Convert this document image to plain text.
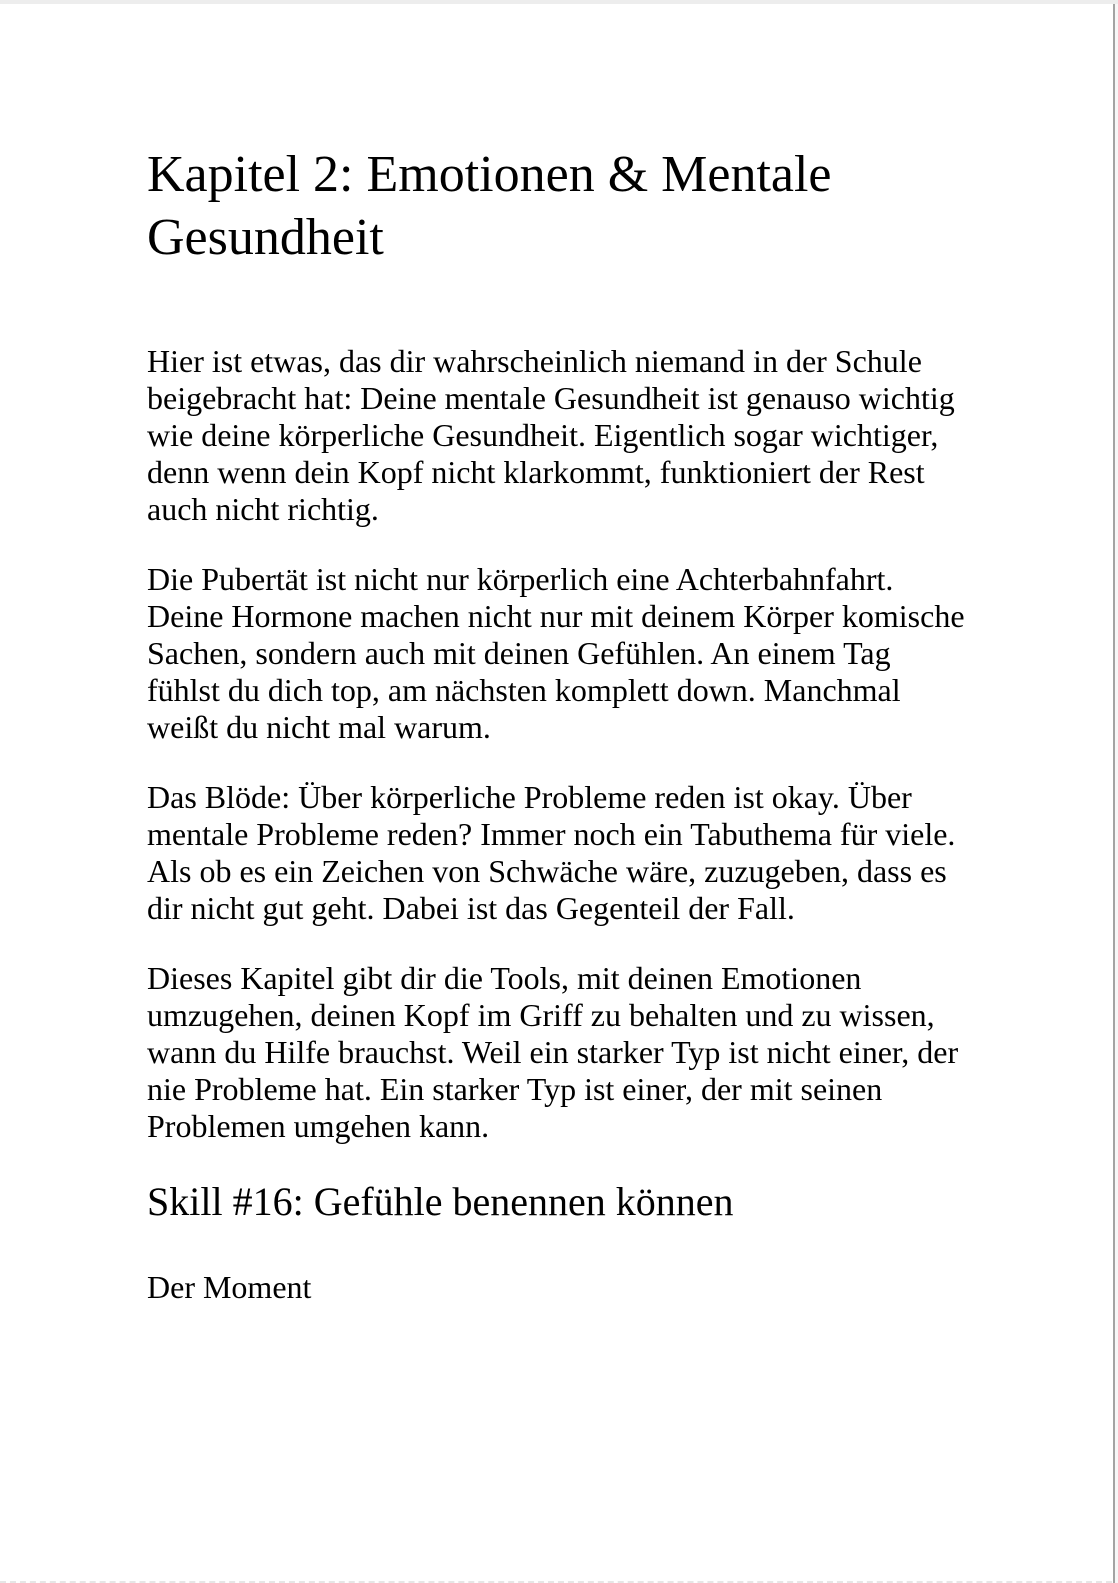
Kapitel 2: Emotionen & Mentale Gesundheit

Hier ist etwas, das dir wahrscheinlich niemand in der Schule beigebracht hat: Deine mentale Gesundheit ist genauso wichtig wie deine körperliche Gesundheit. Eigentlich sogar wichtiger, denn wenn dein Kopf nicht klarkommt, funktioniert der Rest auch nicht richtig.

Die Pubertät ist nicht nur körperlich eine Achterbahnfahrt. Deine Hormone machen nicht nur mit deinem Körper komische Sachen, sondern auch mit deinen Gefühlen. An einem Tag fühlst du dich top, am nächsten komplett down. Manchmal weißt du nicht mal warum.

Das Blöde: Über körperliche Probleme reden ist okay. Über mentale Probleme reden? Immer noch ein Tabuthema für viele. Als ob es ein Zeichen von Schwäche wäre, zuzugeben, dass es dir nicht gut geht. Dabei ist das Gegenteil der Fall.

Dieses Kapitel gibt dir die Tools, mit deinen Emotionen umzugehen, deinen Kopf im Griff zu behalten und zu wissen, wann du Hilfe brauchst. Weil ein starker Typ ist nicht einer, der nie Probleme hat. Ein starker Typ ist einer, der mit seinen Problemen umgehen kann.

Skill #16: Gefühle benennen können

Der Moment
